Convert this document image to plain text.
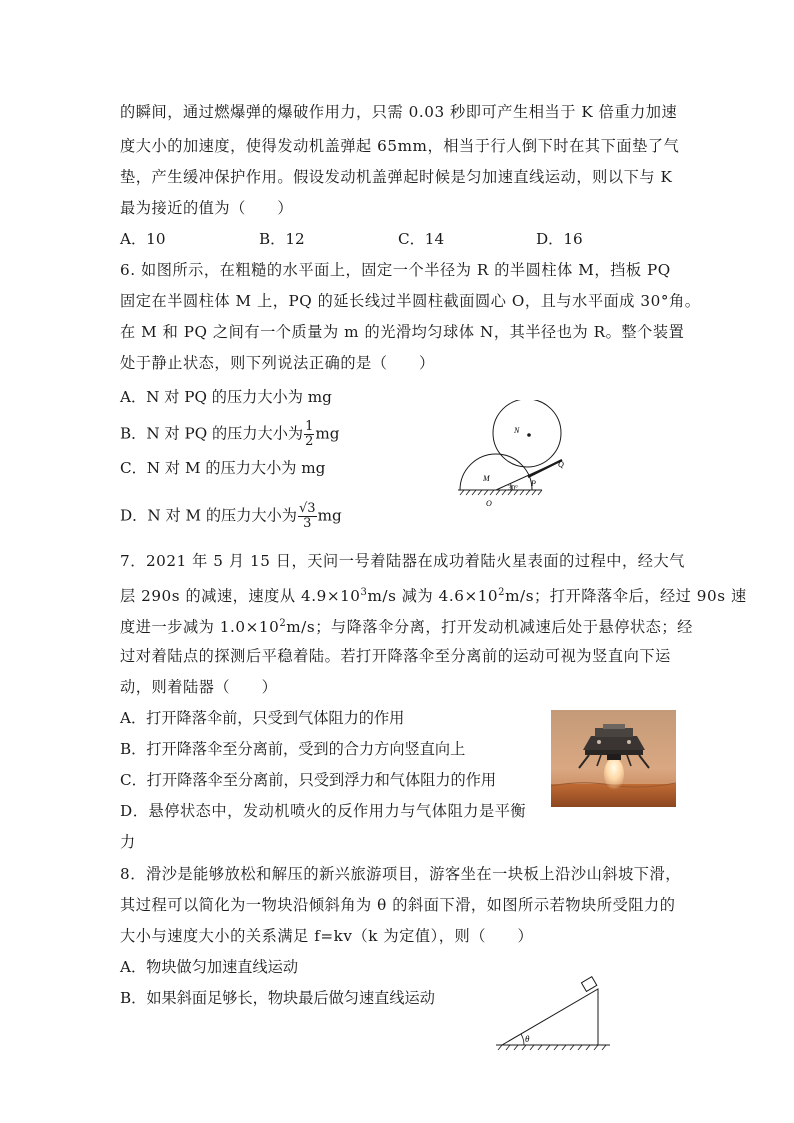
的瞬间，通过燃爆弹的爆破作用力，只需 0.03 秒即可产生相当于 K 倍重力加速
度大小的加速度，使得发动机盖弹起 65mm，相当于行人倒下时在其下面垫了气
垫，产生缓冲保护作用。假设发动机盖弹起时候是匀加速直线运动，则以下与 K
最为接近的值为（　　）
A．10	B．12	C．14	D．16
6. 如图所示，在粗糙的水平面上，固定一个半径为 R 的半圆柱体 M，挡板 PQ
固定在半圆柱体 M 上，PQ 的延长线过半圆柱截面圆心 O，且与水平面成 30°角。
在 M 和 PQ 之间有一个质量为 m 的光滑均匀球体 N，其半径也为 R。整个装置
处于静止状态，则下列说法正确的是（　　）
A．N 对 PQ 的压力大小为 mg
B．N 对 PQ 的压力大小为 $\frac{1}{2}$ mg
C．N 对 M 的压力大小为 mg
D．N 对 M 的压力大小为 $\frac{√3}{3}$ mg
N
M
Q
P
O
30°
7．2021 年 5 月 15 日，天问一号着陆器在成功着陆火星表面的过程中，经大气
层 290s 的减速，速度从 $4.9\times 10^3m/s$ 减为 $4.6\times 10^2m/s$；打开降落伞后，经过 90s 速
度进一步减为 $1.0\times 10^2m/s$；与降落伞分离，打开发动机减速后处于悬停状态；经
过对着陆点的探测后平稳着陆。若打开降落伞至分离前的运动可视为竖直向下运
动，则着陆器（　　）
A．打开降落伞前，只受到气体阻力的作用
B．打开降落伞至分离前，受到的合力方向竖直向上
C．打开降落伞至分离前，只受到浮力和气体阻力的作用
D．悬停状态中，发动机喷火的反作用力与气体阻力是平衡
力
8．滑沙是能够放松和解压的新兴旅游项目，游客坐在一块板上沿沙山斜坡下滑，
其过程可以简化为一物块沿倾斜角为 θ 的斜面下滑，如图所示若物块所受阻力的
大小与速度大小的关系满足 f=kv（k 为定值），则（　　）
A．物块做匀加速直线运动
B．如果斜面足够长，物块最后做匀速直线运动
θ
